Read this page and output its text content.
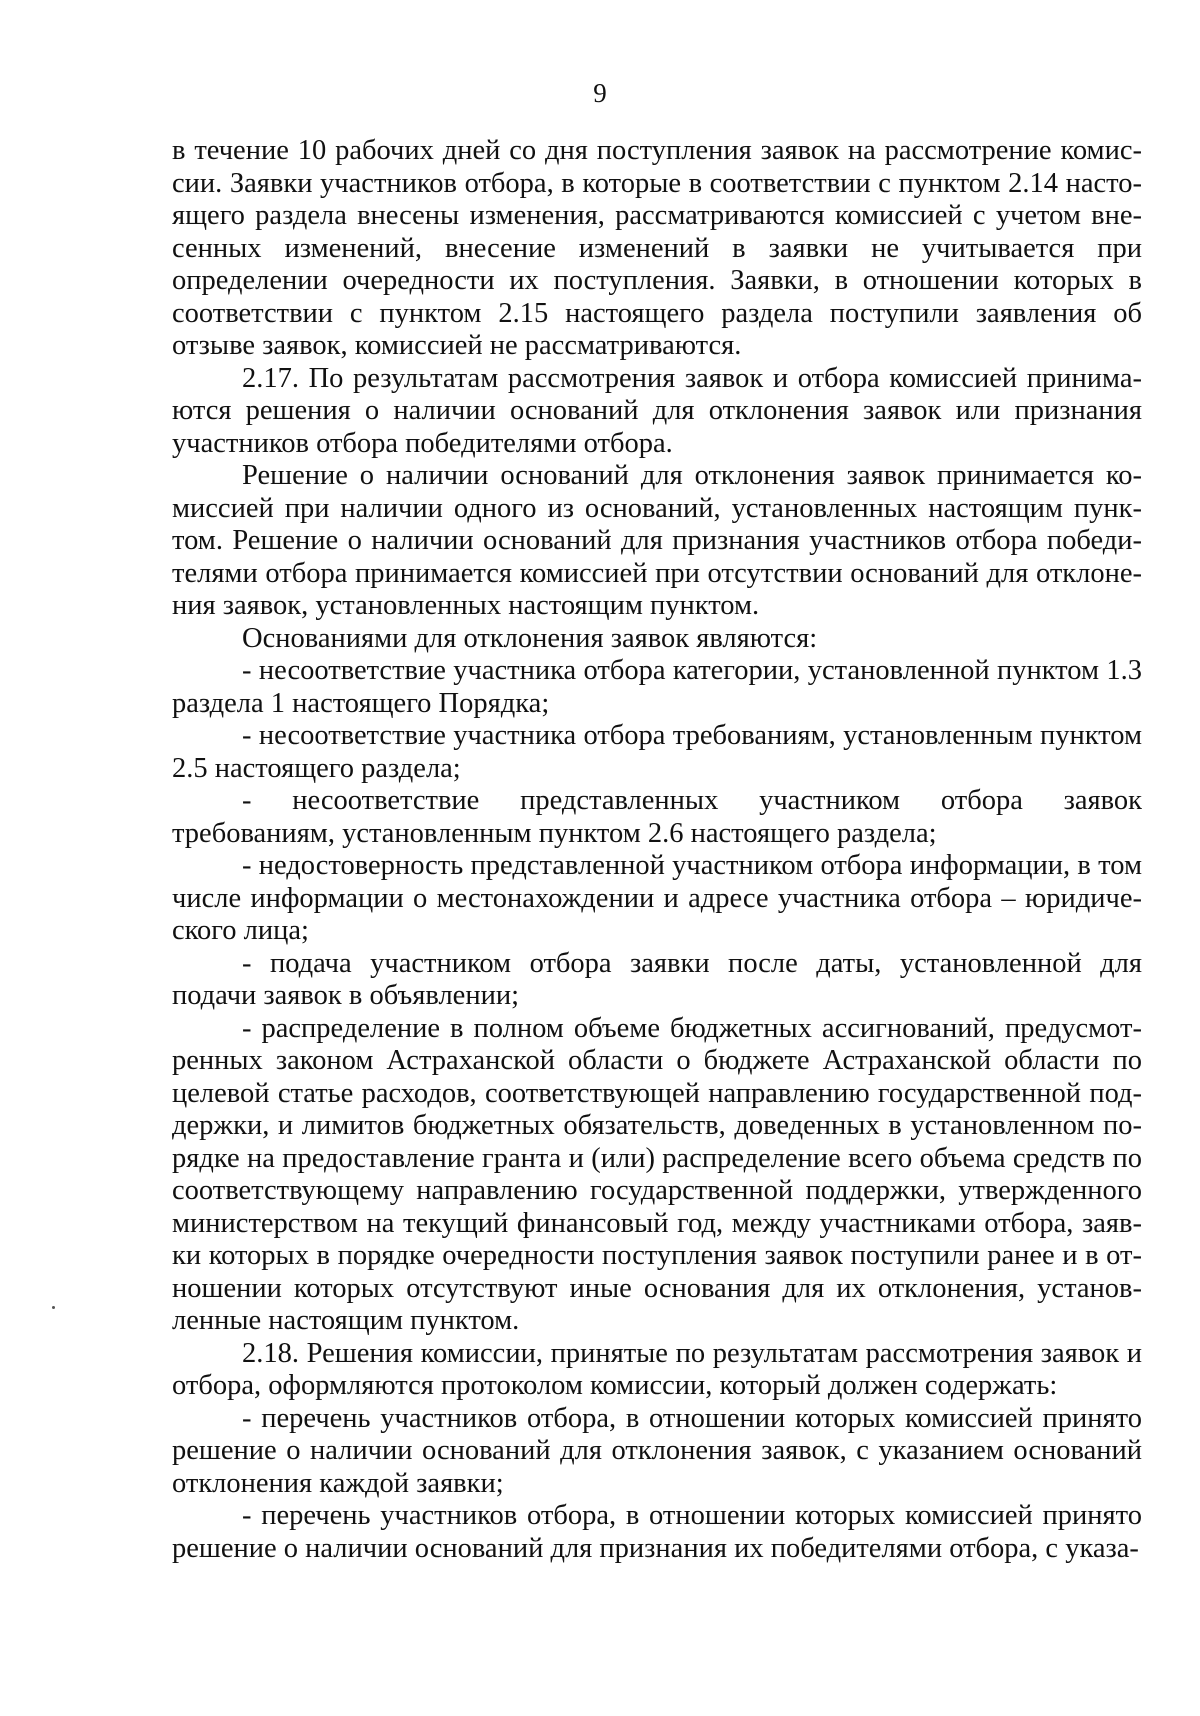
9

в течение 10 рабочих дней со дня поступления заявок на рассмотрение комиссии. Заявки участников отбора, в которые в соответствии с пунктом 2.14 настоящего раздела внесены изменения, рассматриваются комиссией с учетом внесенных изменений, внесение изменений в заявки не учитывается при определении очередности их поступления. Заявки, в отношении которых в соответствии с пунктом 2.15 настоящего раздела поступили заявления об отзыве заявок, комиссией не рассматриваются.

2.17. По результатам рассмотрения заявок и отбора комиссией принимаются решения о наличии оснований для отклонения заявок или признания участников отбора победителями отбора.

Решение о наличии оснований для отклонения заявок принимается комиссией при наличии одного из оснований, установленных настоящим пунктом. Решение о наличии оснований для признания участников отбора победителями отбора принимается комиссией при отсутствии оснований для отклонения заявок, установленных настоящим пунктом.

Основаниями для отклонения заявок являются:

- несоответствие участника отбора категории, установленной пунктом 1.3 раздела 1 настоящего Порядка;

- несоответствие участника отбора требованиям, установленным пунктом 2.5 настоящего раздела;

- несоответствие представленных участником отбора заявок требованиям, установленным пунктом 2.6 настоящего раздела;

- недостоверность представленной участником отбора информации, в том числе информации о местонахождении и адресе участника отбора – юридического лица;

- подача участником отбора заявки после даты, установленной для подачи заявок в объявлении;

- распределение в полном объеме бюджетных ассигнований, предусмотренных законом Астраханской области о бюджете Астраханской области по целевой статье расходов, соответствующей направлению государственной поддержки, и лимитов бюджетных обязательств, доведенных в установленном порядке на предоставление гранта и (или) распределение всего объема средств по соответствующему направлению государственной поддержки, утвержденного министерством на текущий финансовый год, между участниками отбора, заявки которых в порядке очередности поступления заявок поступили ранее и в отношении которых отсутствуют иные основания для их отклонения, установленные настоящим пунктом.

2.18. Решения комиссии, принятые по результатам рассмотрения заявок и отбора, оформляются протоколом комиссии, который должен содержать:

- перечень участников отбора, в отношении которых комиссией принято решение о наличии оснований для отклонения заявок, с указанием оснований отклонения каждой заявки;

- перечень участников отбора, в отношении которых комиссией принято решение о наличии оснований для признания их победителями отбора, с указа-
